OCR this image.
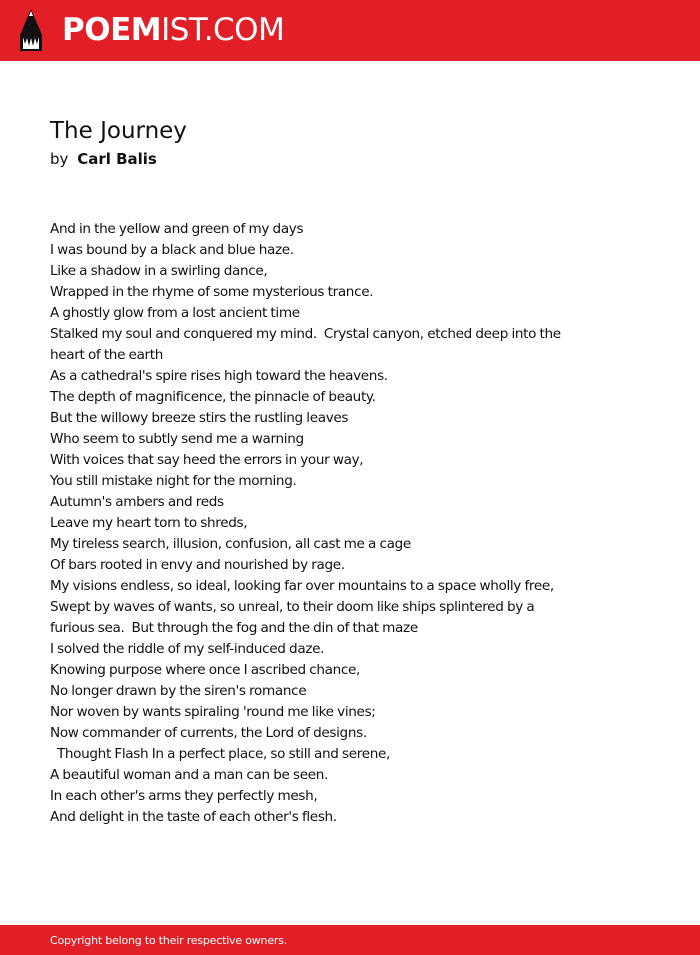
POEMIST.COM
The Journey
by Carl Balis
And in the yellow and green of my days
I was bound by a black and blue haze.
Like a shadow in a swirling dance,
Wrapped in the rhyme of some mysterious trance.
A ghostly glow from a lost ancient time
Stalked my soul and conquered my mind.  Crystal canyon, etched deep into the heart of the earth
As a cathedral's spire rises high toward the heavens.
The depth of magnificence, the pinnacle of beauty.
But the willowy breeze stirs the rustling leaves
Who seem to subtly send me a warning
With voices that say heed the errors in your way,
You still mistake night for the morning.
Autumn's ambers and reds
Leave my heart torn to shreds,
My tireless search, illusion, confusion, all cast me a cage
Of bars rooted in envy and nourished by rage.
My visions endless, so ideal, looking far over mountains to a space wholly free,
Swept by waves of wants, so unreal, to their doom like ships splintered by a furious sea.  But through the fog and the din of that maze
I solved the riddle of my self-induced daze.
Knowing purpose where once I ascribed chance,
No longer drawn by the siren's romance
Nor woven by wants spiraling 'round me like vines;
Now commander of currents, the Lord of designs.
Thought Flash In a perfect place, so still and serene,
A beautiful woman and a man can be seen.
In each other's arms they perfectly mesh,
And delight in the taste of each other's flesh.
Copyright belong to their respective owners.
